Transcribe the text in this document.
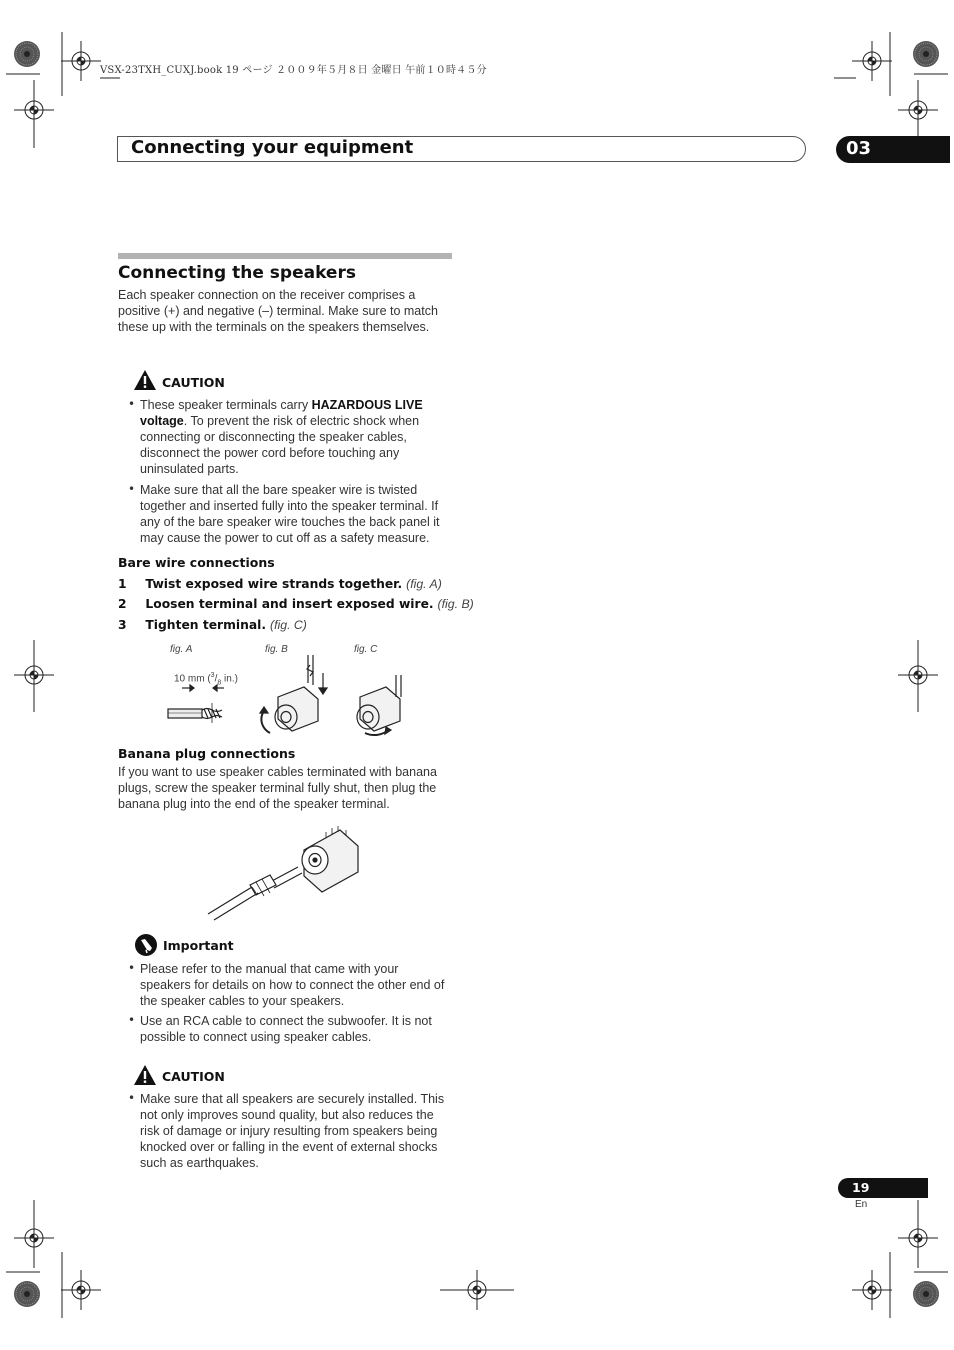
VSX-23TXH_CUXJ.book 19 ページ ２００９年５月８日 金曜日 午前１０時４５分
Connecting your equipment	03
Connecting the speakers
Each speaker connection on the receiver comprises a positive (+) and negative (–) terminal. Make sure to match these up with the terminals on the speakers themselves.
CAUTION
• These speaker terminals carry HAZARDOUS LIVE voltage. To prevent the risk of electric shock when connecting or disconnecting the speaker cables, disconnect the power cord before touching any uninsulated parts.
• Make sure that all the bare speaker wire is twisted together and inserted fully into the speaker terminal. If any of the bare speaker wire touches the back panel it may cause the power to cut off as a safety measure.
Bare wire connections
1 Twist exposed wire strands together. (fig. A)
2 Loosen terminal and insert exposed wire. (fig. B)
3 Tighten terminal. (fig. C)
fig. A	fig. B	fig. C
10 mm ($^3/_8$ in.)
Banana plug connections
If you want to use speaker cables terminated with banana plugs, screw the speaker terminal fully shut, then plug the banana plug into the end of the speaker terminal.
Important
• Please refer to the manual that came with your speakers for details on how to connect the other end of the speaker cables to your speakers.
• Use an RCA cable to connect the subwoofer. It is not possible to connect using speaker cables.
CAUTION
• Make sure that all speakers are securely installed. This not only improves sound quality, but also reduces the risk of damage or injury resulting from speakers being knocked over or falling in the event of external shocks such as earthquakes.
19
En
